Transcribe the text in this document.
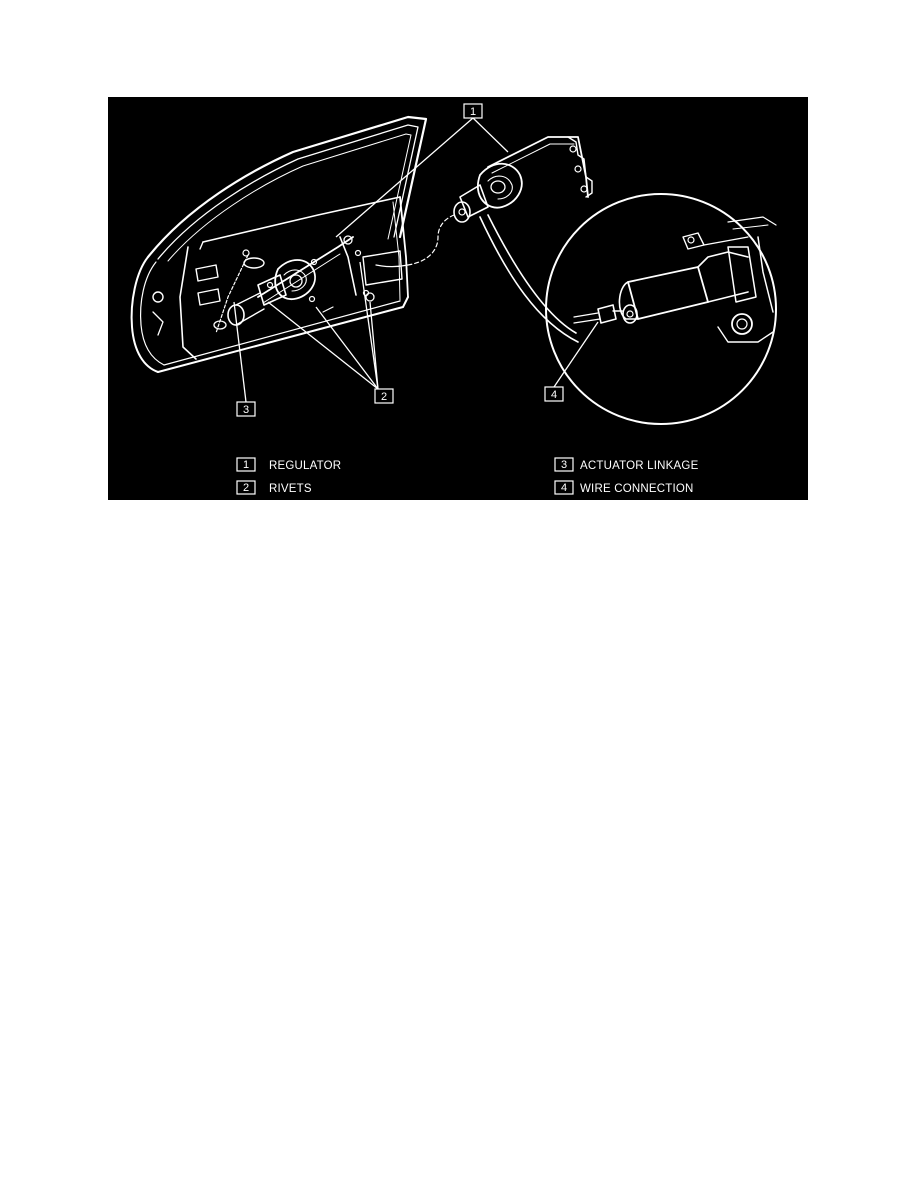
1
2
3
4
1 REGULATOR
2 RIVETS
3 ACTUATOR LINKAGE
4 WIRE CONNECTION
